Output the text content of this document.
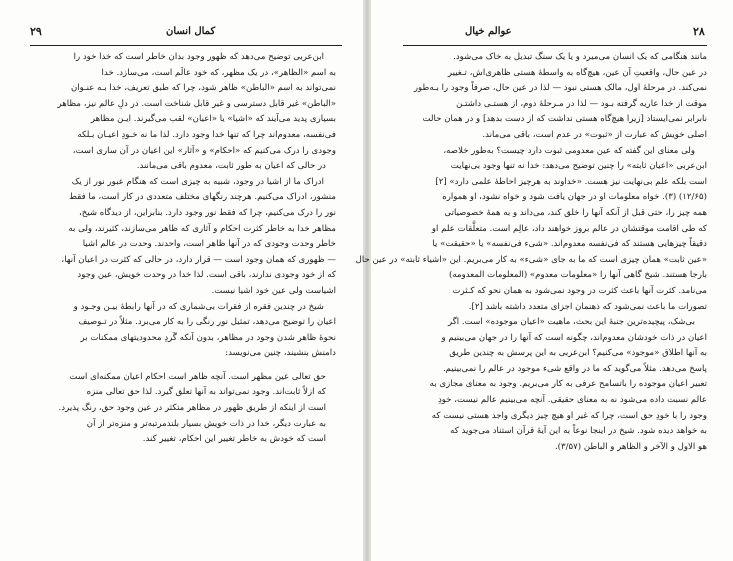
۲۹	کمال انسان
ابن‌عربی توضیح می‌دهد که ظهور وجود بدان خاطر است که خدا خود را
به اسم «الظاهر»، در یک مظهر، که خود عالَم است، می‌سازد. خدا
نمی‌تواند به اسم «الباطن» ظاهر شود، چرا که طبق تعریف، خدا بـه عنـوان
«الباطن» غیر قابل دسترسی و غیر قابل شناخت است. در دلِ عالم نیز، مظاهر
بسیاری پدید می‌آیند که «اشیا» یا «اعیان» لقب می‌گیرند. ایـن مظاهر
فی‌نفسه، معدوم‌اند چرا که تنها خدا وجود دارد. لذا ما نه خـودِ اعیـان بـلکه
وجودی را درک می‌کنیم که «احکام» و «آثار» این اعیان در آن ساری است،
در حالی که اعیان به طور ثابت، معدوم باقی می‌مانند.
ادراک ما از اشیا در وجود، شبیه به چیزی است که هنگام عبور نور از یک
منشور، ادراک می‌کنیم. هرچند رنگهای مختلف متعددی در کار است، ما فقط
نور را درک می‌کنیم، چرا که فقط نور وجود دارد. بنابراین، از دیدگاه شیخ،
مظاهر خدا به خاطر کثرت احکام و آثاری که ظاهر می‌سازند، کثیرند، ولی به
خاطر وحدت وجودی که در آنها ظاهر است، واحدند. وحدت در عالم اشیا
— ظهوری که همان وجود است — قرار دارد، در حالی که کثرت در اعیان آنها،
که از خود وجودی ندارند، باقی است. لذا خدا در وحدت خویش، عین وجود
اشیاست ولی عین خود اشیا نیست.
شیخ در چندین فقره از فقرات بی‌شماری که در آنها رابطهٔ بیـن وجـود و
اعیان را توضیح می‌دهد، تمثیل نور رنگی را به کار می‌برد. مثلاً در تـوصیف
نحوهٔ ظاهر شدن وجود در مظاهر، بدون آنکه گَردِ محدودیتهای ممکنات بر
دامنش بنشیند، چنین می‌نویسد:
حق تعالی عین مظهر است. آنچه ظاهر است احکام اعیان ممکنه‌ای است
که ازلاً ثابت‌اند. وجود نمی‌تواند به آنها تعلق گیرد. لذا حق تعالی منزه
است از اینکه از طریق ظهور در مظاهر متکثر در عین وجود حق، رنگ پذیرد.
به عبارت دیگر، خدا در ذات خویش بسیار بلندمرتبه‌تر و منزه‌تر از آن
است که خودش به خاطر تغییر این احکام، تغییر کند.
۲۸
عوالم خیال
مانند هنگامی که یک انسان می‌میرد و یا یک سنگ تبدیل به خاک می‌شود.
در عین حال، واقعیتِ آن عین، هیچ‌گاه به واسطهٔ هستی ظاهری‌اش، تـغییر
نمی‌کند. در مرحلهٔ اول، مالک هستی نبود — لذا در عین حال، صرفاً وجود را بـه‌طور
موقت از خدا عاریه گرفته بـود — لذا در مـرحلهٔ دوم، از هستـی داشتـن
نابرابر نمی‌ایستاد [زیرا هیچ‌گاه هستی نداشت که از دست بدهد] و در همان حالت
اصلی خویش که عبارت از «ثبوت» در عدم است، باقی می‌ماند.
ولی معنای این گفته که عین معدومی ثبوت دارد چیست؟ به‌طور خلاصه،
ابن‌عربی «اعیان ثابته» را چنین توضیح می‌دهد: خدا نه تنها وجود بی‌نهایت
است بلکه علم بی‌نهایت نیز هست. «خداوند به هرچیز احاطهٔ علمی دارد» [۲]
(۱۲/۶۵) (۳). خواه معلومات او در جهان یافت شود و خواه نشود، او همواره
همه چیز را، حتی قبل از آنکه آنها را خلق کند، می‌داند و به همهٔ خصوصیاتی
که طی اقامت موقتشان در عالم بروز خواهند داد، عالِم است. متعلَّقات علم او
دقیقاً چیزهایی هستند که فی‌نفسه معدوم‌اند. «شیء فی‌نفسه» یا «حقیقت» یا
«عین ثابت» همان چیزی است که ما به جای «شیء» به کار می‌بریم. این «اشیاء ثابته» در عین حال
بارجا هستند. شیخ گاهی آنها را «معلومات معدوم» (المعلومات المعدومه)
می‌نامد. کثرت آنها باعث کثرت در وجود نمی‌شود به همان نحو که کـثرت
تصورات ما باعث نمی‌شود که ذهنمان اجزای متعدد داشته باشد [۲].
بی‌شک، پیچیده‌ترین جنبهٔ این بحث، ماهیت «اعیان موجوده» است. اگر
اعیان در ذات خودشان معدوم‌اند، چگونه است که آنها را در جهان می‌بینیم و
به آنها اطلاق «موجود» می‌کنیم؟ ابن‌عربی به این پرسش به چندین طریق
پاسخ می‌دهد. مثلاً می‌گوید که ما در واقع شیء موجود در عالم را نمی‌بینیم.
تعبیر اعیان موجوده را باتسامح عرفی به کار می‌بریم. وجود به معنای مجازی به
عالم نسبت داده می‌شود نه به معنای حقیقی. آنچه می‌بینیم عالم نیست، خودِ
وجود را با خودِ حق است، چرا که غیر او هیچ چیز دیگری واجد هستی نیست که
به خواهد دیده شود. شیخ در اینجا نوعاً به این آیهٔ قرآن استناد می‌جوید که
هو الاول و الآخر و الظاهر و الباطن (۳/۵۷).
